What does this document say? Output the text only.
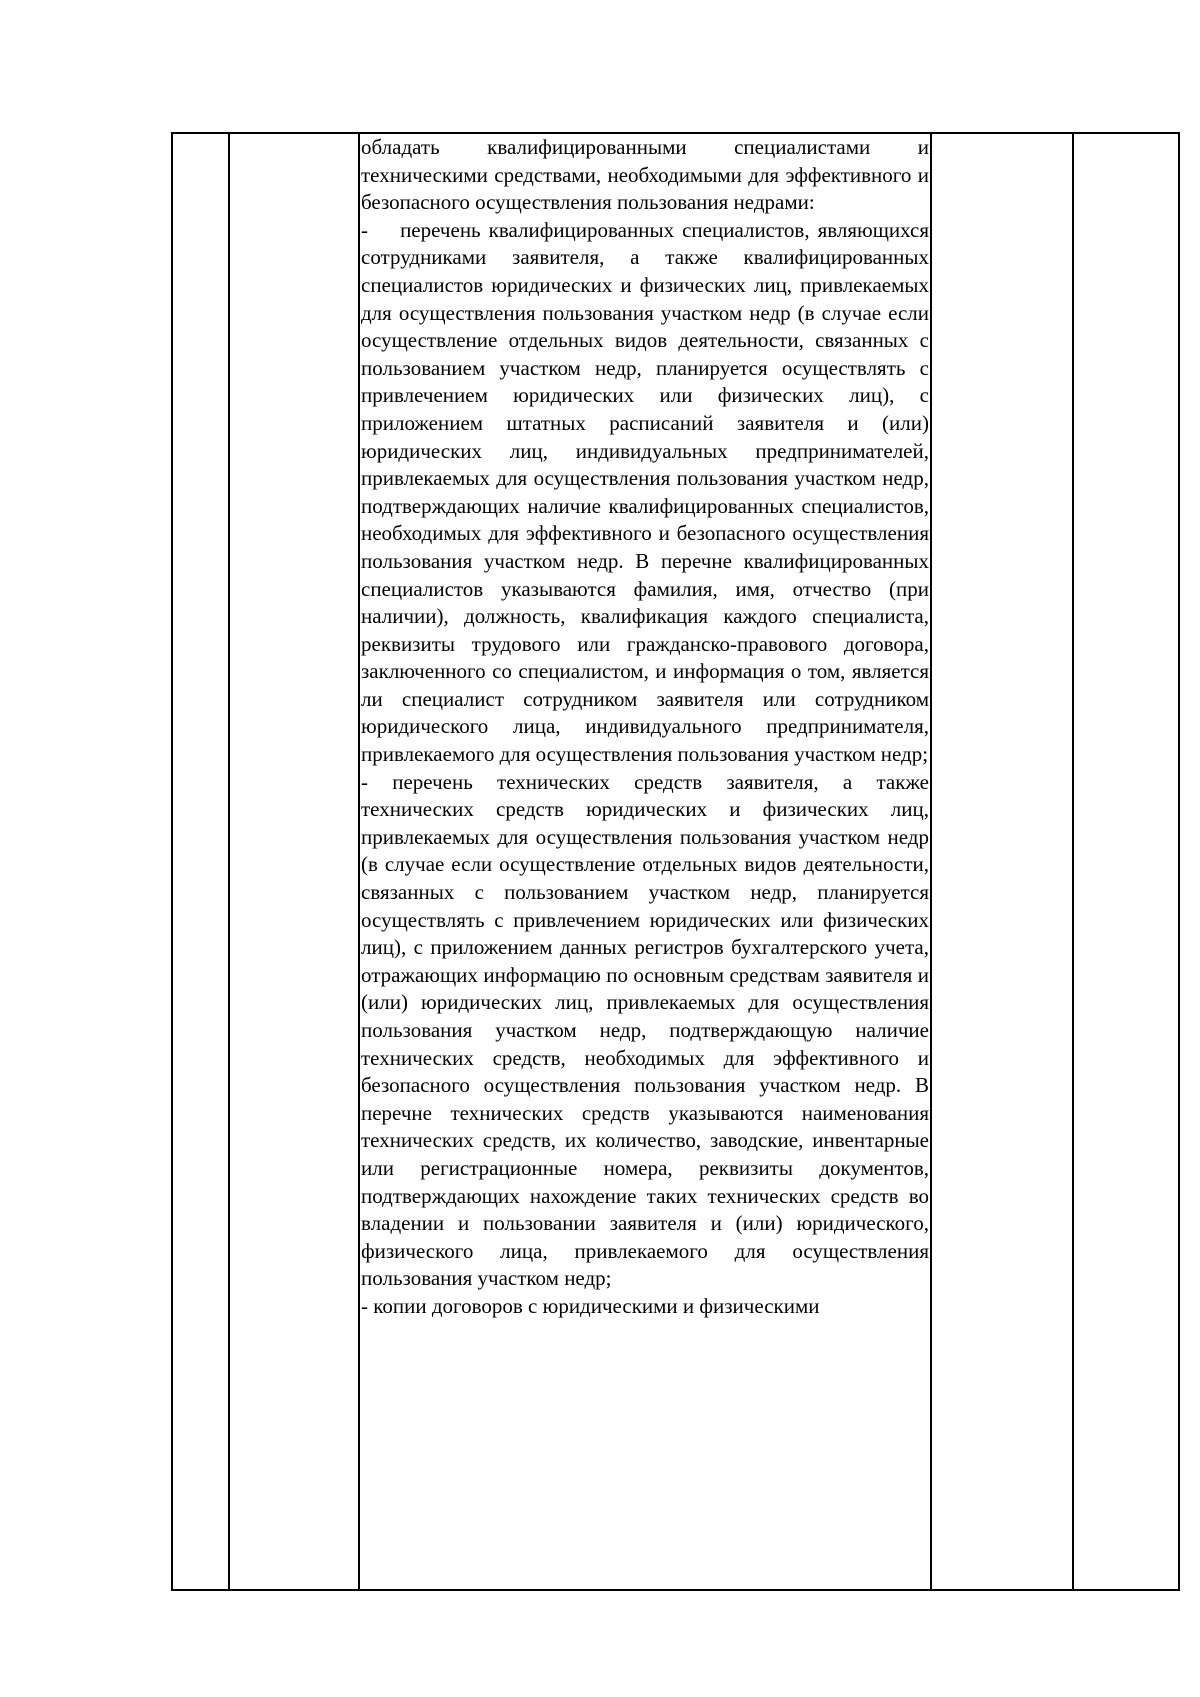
обладать квалифицированными специалистами и техническими средствами, необходимыми для эффективного и безопасного осуществления пользования недрами:

-    перечень квалифицированных специалистов, являющихся сотрудниками заявителя, а также квалифицированных специалистов юридических и физических лиц, привлекаемых для осуществления пользования участком недр (в случае если осуществление отдельных видов деятельности, связанных с пользованием участком недр, планируется осуществлять с привлечением юридических или физических лиц), с приложением штатных расписаний заявителя и (или) юридических лиц, индивидуальных предпринимателей, привлекаемых для осуществления пользования участком недр, подтверждающих наличие квалифицированных специалистов, необходимых для эффективного и безопасного осуществления пользования участком недр. В перечне квалифицированных специалистов указываются фамилия, имя, отчество (при наличии), должность, квалификация каждого специалиста, реквизиты трудового или гражданско-правового договора, заключенного со специалистом, и информация о том, является ли специалист сотрудником заявителя или сотрудником юридического лица, индивидуального предпринимателя, привлекаемого для осуществления пользования участком недр;

- перечень технических средств заявителя, а также технических средств юридических и физических лиц, привлекаемых для осуществления пользования участком недр (в случае если осуществление отдельных видов деятельности, связанных с пользованием участком недр, планируется осуществлять с привлечением юридических или физических лиц), с приложением данных регистров бухгалтерского учета, отражающих информацию по основным средствам заявителя и (или) юридических лиц, привлекаемых для осуществления пользования участком недр, подтверждающую наличие технических средств, необходимых для эффективного и безопасного осуществления пользования участком недр. В перечне технических средств указываются наименования технических средств, их количество, заводские, инвентарные или регистрационные номера, реквизиты документов, подтверждающих нахождение таких технических средств во владении и пользовании заявителя и (или) юридического, физического лица, привлекаемого для осуществления пользования участком недр;

- копии договоров с юридическими и физическими
